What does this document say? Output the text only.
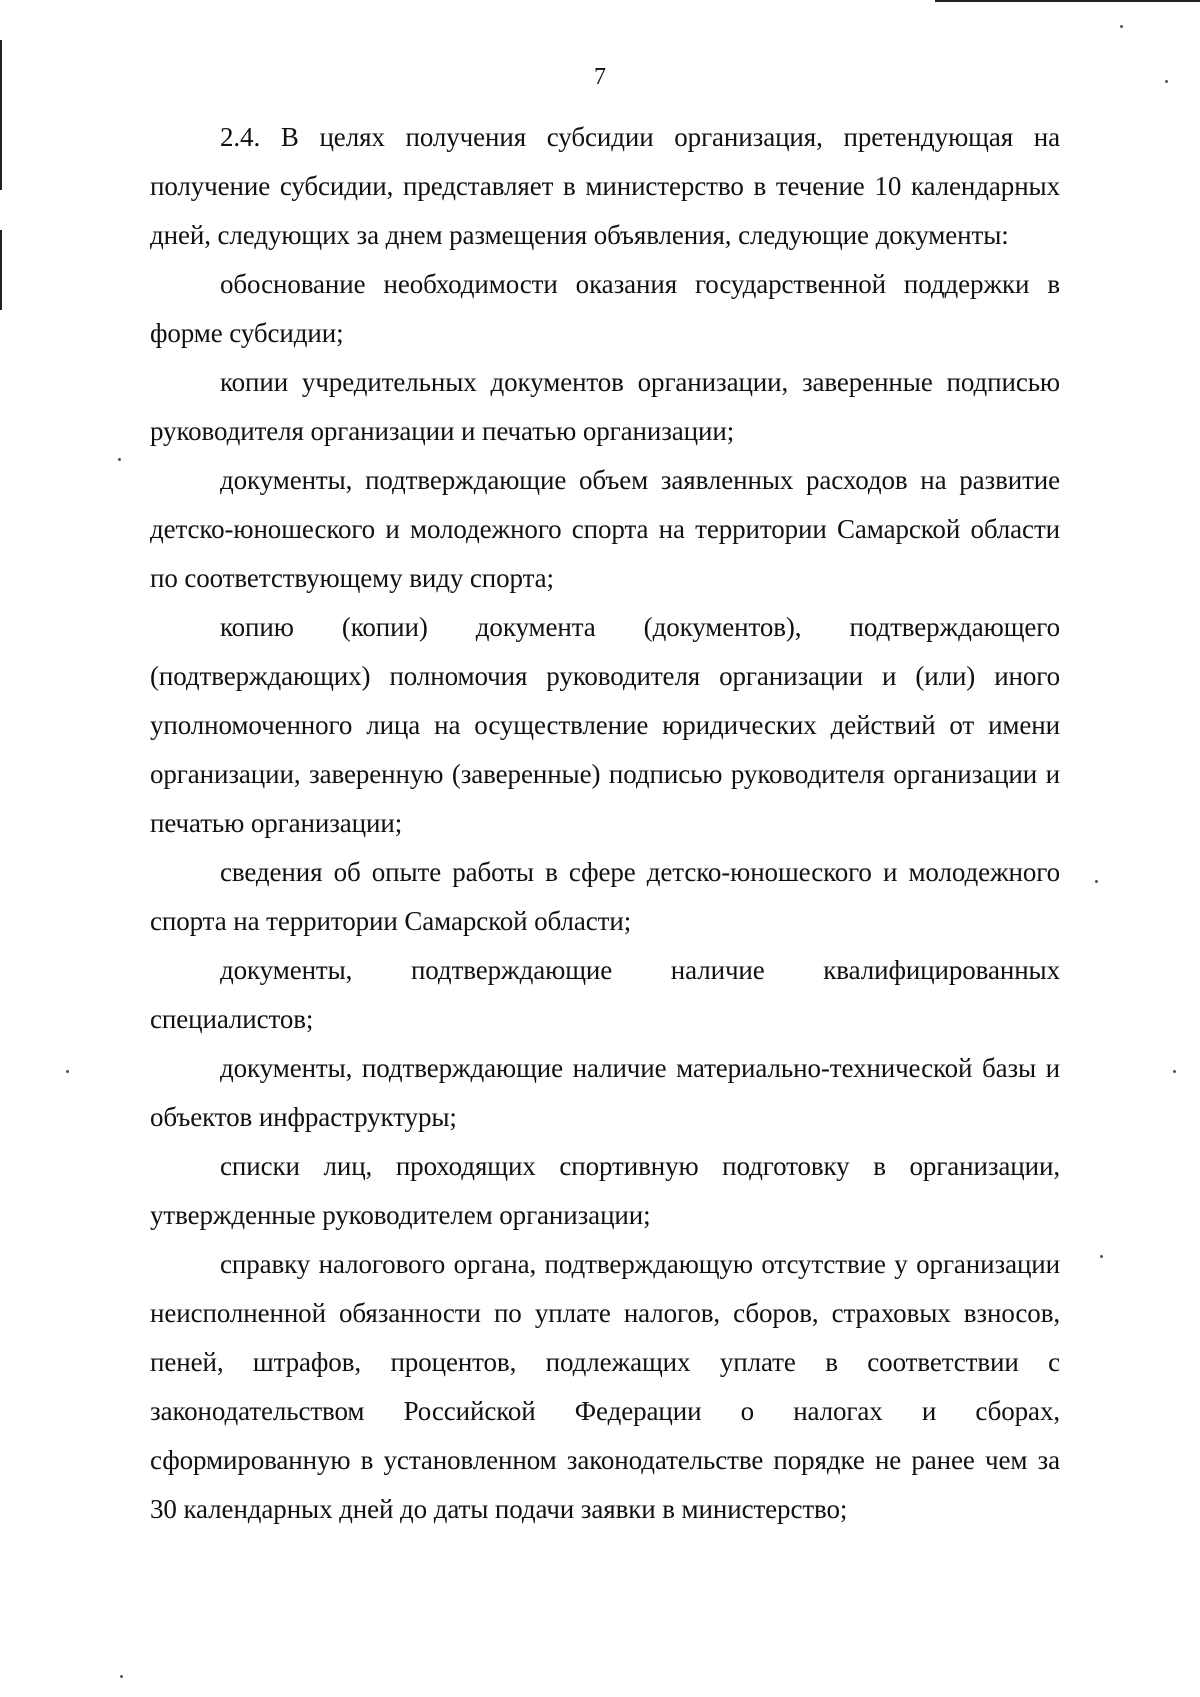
7

2.4. В целях получения субсидии организация, претендующая на получение субсидии, представляет в министерство в течение 10 календарных дней, следующих за днем размещения объявления, следующие документы:

обоснование необходимости оказания государственной поддержки в форме субсидии;

копии учредительных документов организации, заверенные подписью руководителя организации и печатью организации;

документы, подтверждающие объем заявленных расходов на развитие детско-юношеского и молодежного спорта на территории Самарской области по соответствующему виду спорта;

копию (копии) документа (документов), подтверждающего (подтверждающих) полномочия руководителя организации и (или) иного уполномоченного лица на осуществление юридических действий от имени организации, заверенную (заверенные) подписью руководителя организации и печатью организации;

сведения об опыте работы в сфере детско-юношеского и молодежного спорта на территории Самарской области;

документы, подтверждающие наличие квалифицированных специалистов;

документы, подтверждающие наличие материально-технической базы и объектов инфраструктуры;

списки лиц, проходящих спортивную подготовку в организации, утвержденные руководителем организации;

справку налогового органа, подтверждающую отсутствие у организации неисполненной обязанности по уплате налогов, сборов, страховых взносов, пеней, штрафов, процентов, подлежащих уплате в соответствии с законодательством Российской Федерации о налогах и сборах, сформированную в установленном законодательстве порядке не ранее чем за 30 календарных дней до даты подачи заявки в министерство;
